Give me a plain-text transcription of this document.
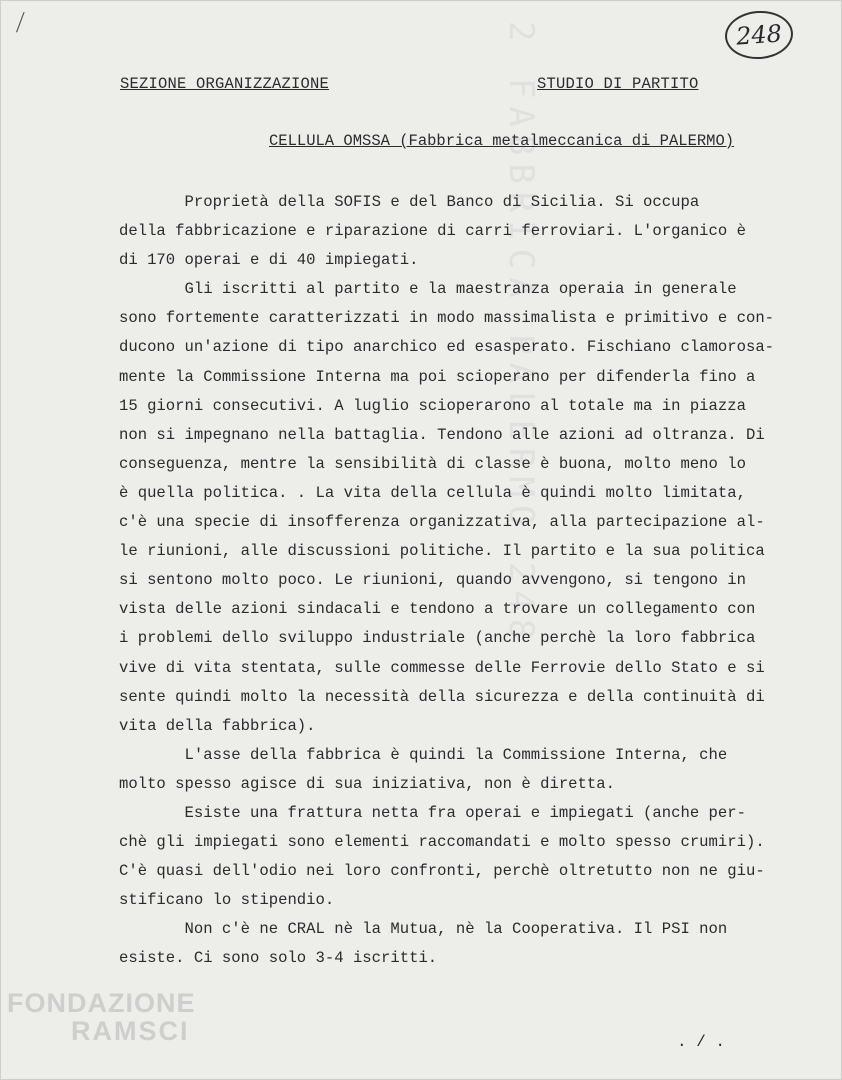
2 FABBRICA PALERMO 248
⟋	248
SEZIONE ORGANIZZAZIONE	STUDIO DI PARTITO
CELLULA OMSSA (Fabbrica metalmeccanica di PALERMO)
Proprietà della SOFIS e del Banco di Sicilia. Si occupa
della fabbricazione e riparazione di carri ferroviari. L'organico è
di 170 operai e di 40 impiegati.
Gli iscritti al partito e la maestranza operaia in generale
sono fortemente caratterizzati in modo massimalista e primitivo e con-
ducono un'azione di tipo anarchico ed esasperato. Fischiano clamorosa-
mente la Commissione Interna ma poi scioperano per difenderla fino a
15 giorni consecutivi. A luglio scioperarono al totale ma in piazza
non si impegnano nella battaglia. Tendono alle azioni ad oltranza. Di
conseguenza, mentre la sensibilità di classe è buona, molto meno lo
è quella politica. . La vita della cellula è quindi molto limitata,
c'è una specie di insofferenza organizzativa, alla partecipazione al-
le riunioni, alle discussioni politiche. Il partito e la sua politica
si sentono molto poco. Le riunioni, quando avvengono, si tengono in
vista delle azioni sindacali e tendono a trovare un collegamento con
i problemi dello sviluppo industriale (anche perchè la loro fabbrica
vive di vita stentata, sulle commesse delle Ferrovie dello Stato e si
sente quindi molto la necessità della sicurezza e della continuità di
vita della fabbrica).
L'asse della fabbrica è quindi la Commissione Interna, che
molto spesso agisce di sua iniziativa, non è diretta.
Esiste una frattura netta fra operai e impiegati (anche per-
chè gli impiegati sono elementi raccomandati e molto spesso crumiri).
C'è quasi dell'odio nei loro confronti, perchè oltretutto non ne giu-
stificano lo stipendio.
Non c'è ne CRAL nè la Mutua, nè la Cooperativa. Il PSI non
esiste. Ci sono solo 3-4 iscritti.
FONDAZIONE
RAMSCI	. / .
